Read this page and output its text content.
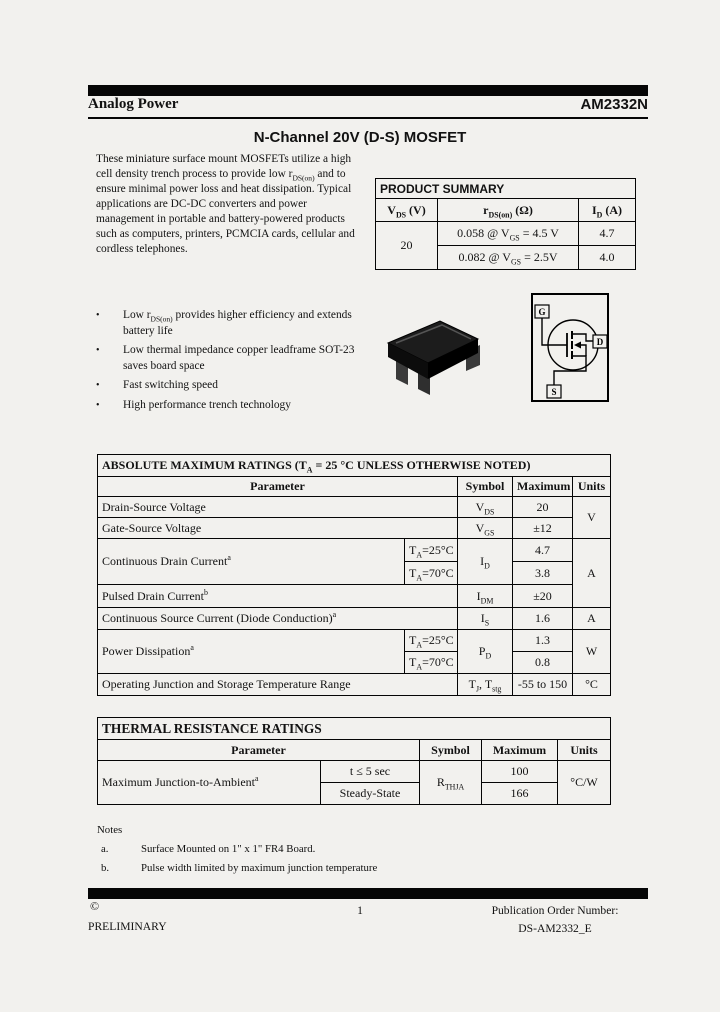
Analog Power	AM2332N
N-Channel 20V (D-S) MOSFET

These miniature surface mount MOSFETs utilize a high cell density trench process to provide low $r_{DS(on)}$ and to ensure minimal power loss and heat dissipation. Typical applications are DC-DC converters and power management in portable and battery-powered products such as computers, printers, PCMCIA cards, cellular and cordless telephones.

PRODUCT SUMMARY		
$V_{DS}$ (V)	$r_{DS(on)}$ (Ω)	$I_D$ (A)
20	0.058 @ $V_{GS} = 4.5$ V	4.7
	0.082 @ $V_{GS} = 2.5V$	4.0
•	Low $r_{DS(on)}$ provides higher efficiency and extends battery life
•	Low thermal impedance copper leadframe SOT-23 saves board space
•	Fast switching speed
•	High performance trench technology
G
D
S
ABSOLUTE MAXIMUM RATINGS ($T_A = 25$ °C UNLESS OTHERWISE NOTED)				
Parameter		Symbol	Maximum	Units
Drain-Source Voltage		$V_{DS}$	20	V
Gate-Source Voltage		$V_{GS}$	±12	
Continuous Drain Current$^a$	$T_A=25^\circ C$	$I_D$	4.7	A
	$T_A=70^\circ C$		3.8	
Pulsed Drain Current$^b$		$I_{DM}$	±20	
Continuous Source Current (Diode Conduction)$^a$		$I_S$	1.6	A
Power Dissipation$^a$	$T_A=25^\circ C$	$P_D$	1.3	W
	$T_A=70^\circ C$		0.8	
Operating Junction and Storage Temperature Range		$T_J$, $T_{stg}$	-55 to 150	°C
THERMAL RESISTANCE RATINGS				
Parameter		Symbol	Maximum	Units
Maximum Junction-to-Ambient$^a$	t ≤ 5 sec	$R_{THJA}$	100	°C/W
	Steady-State		166	
Notes
a.	Surface Mounted on 1" x 1" FR4 Board.
b.	Pulse width limited by maximum junction temperature
©
PRELIMINARY
1	Publication Order Number:
DS-AM2332_E
